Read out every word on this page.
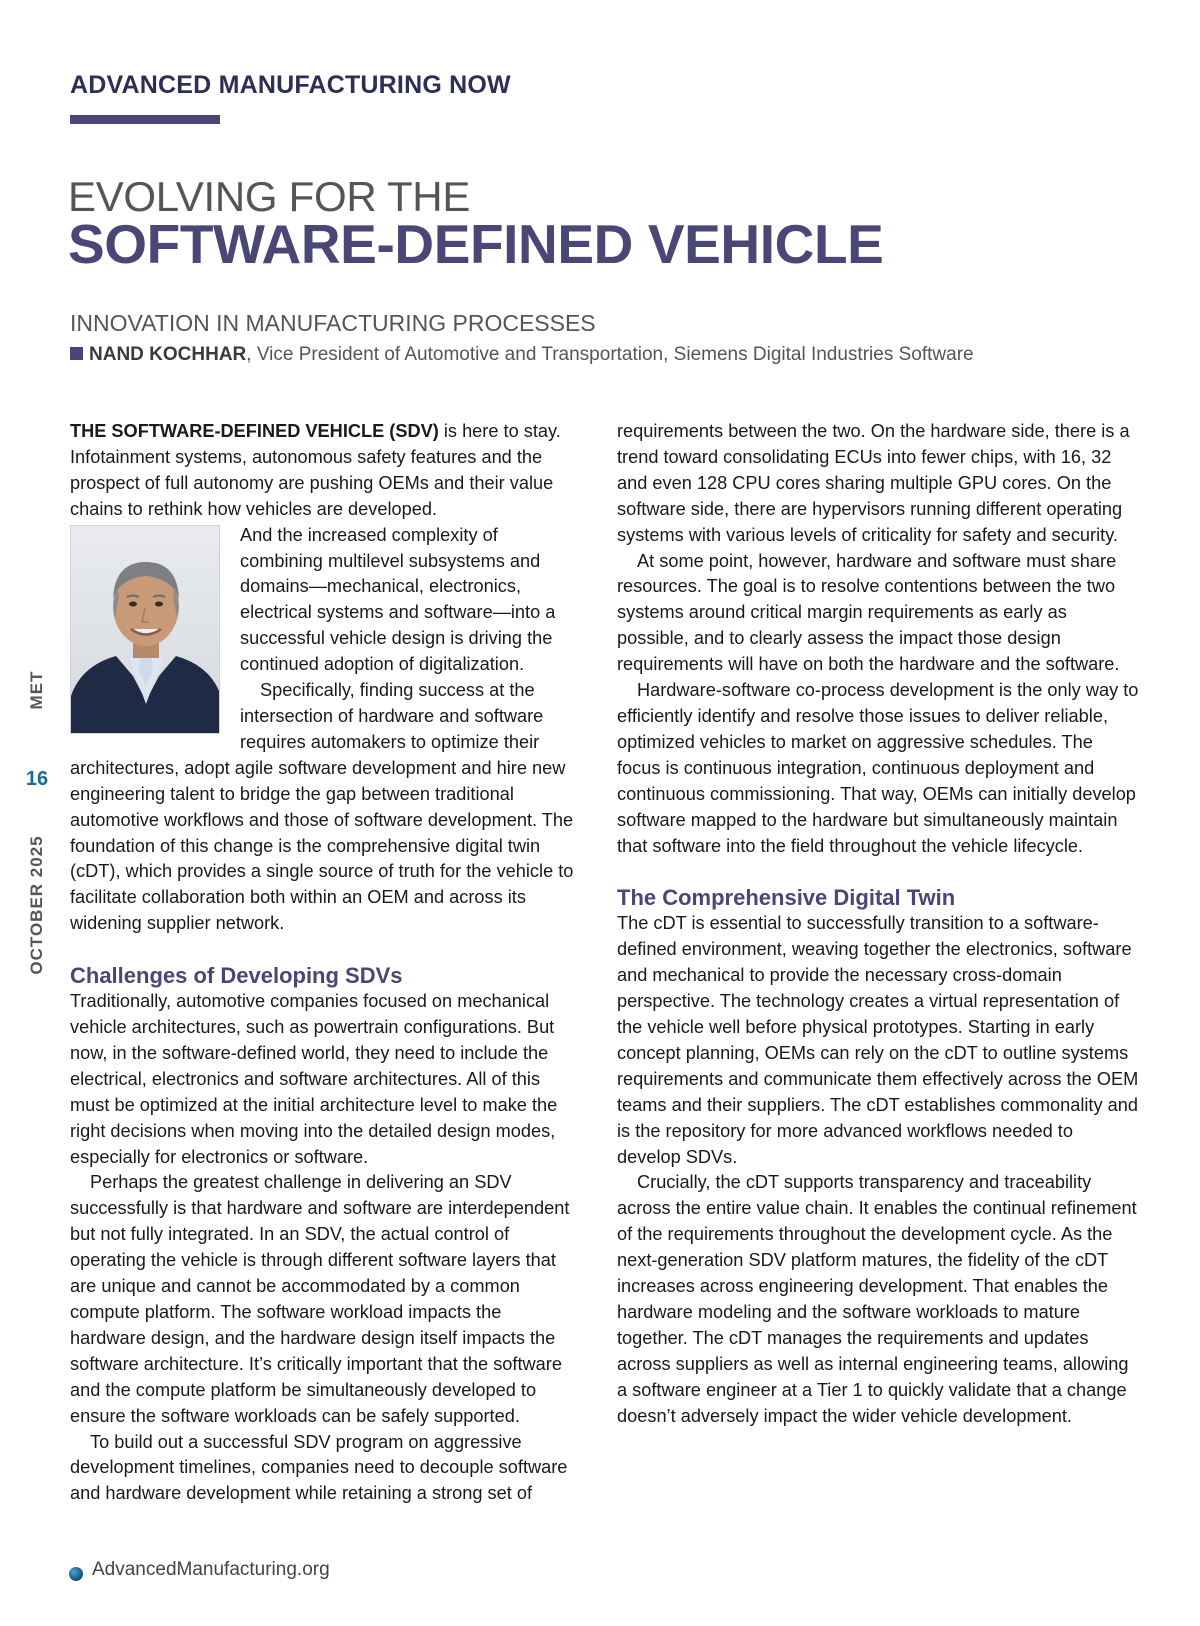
ADVANCED MANUFACTURING NOW
EVOLVING FOR THE
SOFTWARE-DEFINED VEHICLE
INNOVATION IN MANUFACTURING PROCESSES
NAND KOCHHAR, Vice President of Automotive and Transportation, Siemens Digital Industries Software
MET
16
OCTOBER 2025

THE SOFTWARE-DEFINED VEHICLE (SDV) is here to stay. Infotainment systems, autonomous safety features and the prospect of full autonomy are pushing OEMs and their value chains to rethink how vehicles are developed.

And the increased complexity of combining multilevel subsystems and domains—mechanical, electronics, electrical systems and software—into a successful vehicle design is driving the continued adoption of digitalization.

Specifically, finding success at the intersection of hardware and software requires automakers to optimize their architectures, adopt agile software development and hire new engineering talent to bridge the gap between traditional automotive workflows and those of software development. The foundation of this change is the comprehensive digital twin (cDT), which provides a single source of truth for the vehicle to facilitate collaboration both within an OEM and across its widening supplier network.

Challenges of Developing SDVs

Traditionally, automotive companies focused on mechanical vehicle architectures, such as powertrain configurations. But now, in the software-defined world, they need to include the electrical, electronics and software architectures. All of this must be optimized at the initial architecture level to make the right decisions when moving into the detailed design modes, especially for electronics or software.

Perhaps the greatest challenge in delivering an SDV successfully is that hardware and software are interdependent but not fully integrated. In an SDV, the actual control of operating the vehicle is through different software layers that are unique and cannot be accommodated by a common compute platform. The software workload impacts the hardware design, and the hardware design itself impacts the software architecture. It’s critically important that the software and the compute platform be simultaneously developed to ensure the software workloads can be safely supported.

To build out a successful SDV program on aggressive development timelines, companies need to decouple software and hardware development while retaining a strong set of

requirements between the two. On the hardware side, there is a trend toward consolidating ECUs into fewer chips, with 16, 32 and even 128 CPU cores sharing multiple GPU cores. On the software side, there are hypervisors running different operating systems with various levels of criticality for safety and security.

At some point, however, hardware and software must share resources. The goal is to resolve contentions between the two systems around critical margin requirements as early as possible, and to clearly assess the impact those design requirements will have on both the hardware and the software.

Hardware-software co-process development is the only way to efficiently identify and resolve those issues to deliver reliable, optimized vehicles to market on aggressive schedules. The focus is continuous integration, continuous deployment and continuous commissioning. That way, OEMs can initially develop software mapped to the hardware but simultaneously maintain that software into the field throughout the vehicle lifecycle.

The Comprehensive Digital Twin

The cDT is essential to successfully transition to a software-defined environment, weaving together the electronics, software and mechanical to provide the necessary cross-domain perspective. The technology creates a virtual representation of the vehicle well before physical prototypes. Starting in early concept planning, OEMs can rely on the cDT to outline systems requirements and communicate them effectively across the OEM teams and their suppliers. The cDT establishes commonality and is the repository for more advanced workflows needed to develop SDVs.

Crucially, the cDT supports transparency and traceability across the entire value chain. It enables the continual refinement of the requirements throughout the development cycle. As the next-generation SDV platform matures, the fidelity of the cDT increases across engineering development. That enables the hardware modeling and the software workloads to mature together. The cDT manages the requirements and updates across suppliers as well as internal engineering teams, allowing a software engineer at a Tier 1 to quickly validate that a change doesn’t adversely impact the wider vehicle development.

AdvancedManufacturing.org
